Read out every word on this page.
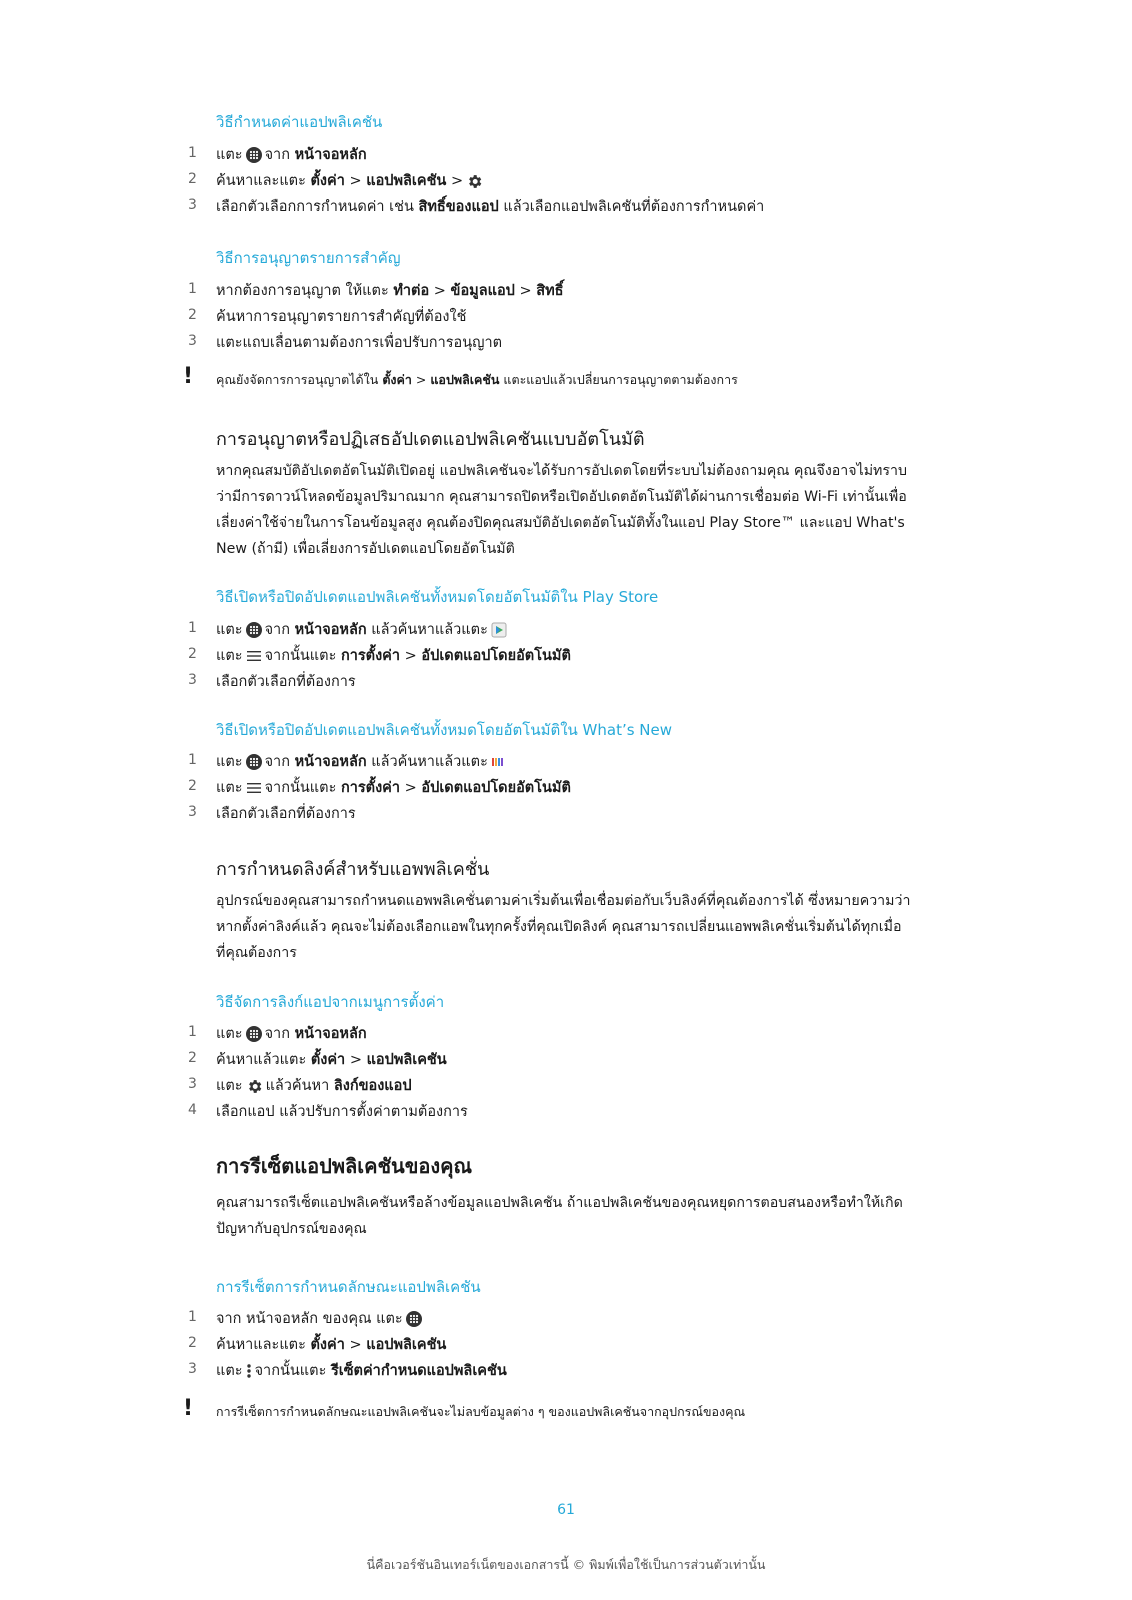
วิธีกำหนดค่าแอปพลิเคชัน
1	แตะ จาก
หน้าจอหลัก
2	ค้นหาและแตะ
ตั้งค่า
>
แอปพลิเคชัน
>
3	เลือกตัวเลือกการกำหนดค่า เช่น
สิทธิ์ของแอป
แล้วเลือกแอปพลิเคชันที่ต้องการกำหนดค่า
วิธีการอนุญาตรายการสำคัญ
1	หากต้องการอนุญาต ให้แตะ
ทำต่อ
>
ข้อมูลแอป
>
สิทธิ์
2	ค้นหาการอนุญาตรายการสำคัญที่ต้องใช้
3	แตะแถบเลื่อนตามต้องการเพื่อปรับการอนุญาต
! คุณยังจัดการการอนุญาตได้ใน ตั้งค่า > แอปพลิเคชัน แตะแอปแล้วเปลี่ยนการอนุญาตตามต้องการ
การอนุญาตหรือปฏิเสธอัปเดตแอปพลิเคชันแบบอัตโนมัติ
หากคุณสมบัติอัปเดตอัตโนมัติเปิดอยู่ แอปพลิเคชันจะได้รับการอัปเดตโดยที่ระบบไม่ต้องถามคุณ คุณจึงอาจไม่ทราบ
ว่ามีการดาวน์โหลดข้อมูลปริมาณมาก คุณสามารถปิดหรือเปิดอัปเดตอัตโนมัติได้ผ่านการเชื่อมต่อ Wi-Fi เท่านั้นเพื่อ
เลี่ยงค่าใช้จ่ายในการโอนข้อมูลสูง คุณต้องปิดคุณสมบัติอัปเดตอัตโนมัติทั้งในแอป Play Store™ และแอป What's
New (ถ้ามี) เพื่อเลี่ยงการอัปเดตแอปโดยอัตโนมัติ
วิธีเปิดหรือปิดอัปเดตแอปพลิเคชันทั้งหมดโดยอัตโนมัติใน Play Store
1	แตะ จาก
หน้าจอหลัก
แล้วค้นหาแล้วแตะ
2	แตะ จากนั้นแตะ
การตั้งค่า
>
อัปเดตแอปโดยอัตโนมัติ
3	เลือกตัวเลือกที่ต้องการ
วิธีเปิดหรือปิดอัปเดตแอปพลิเคชันทั้งหมดโดยอัตโนมัติใน What’s New
1	แตะ จาก
หน้าจอหลัก
แล้วค้นหาแล้วแตะ
2	แตะ จากนั้นแตะ
การตั้งค่า
>
อัปเดตแอปโดยอัตโนมัติ
3	เลือกตัวเลือกที่ต้องการ
การกำหนดลิงค์สำหรับแอพพลิเคชั่น
อุปกรณ์ของคุณสามารถกำหนดแอพพลิเคชั่นตามค่าเริ่มต้นเพื่อเชื่อมต่อกับเว็บลิงค์ที่คุณต้องการได้ ซึ่งหมายความว่า
หากตั้งค่าลิงค์แล้ว คุณจะไม่ต้องเลือกแอพในทุกครั้งที่คุณเปิดลิงค์ คุณสามารถเปลี่ยนแอพพลิเคชั่นเริ่มต้นได้ทุกเมื่อ
ที่คุณต้องการ
วิธีจัดการลิงก์แอปจากเมนูการตั้งค่า
1	แตะ จาก
หน้าจอหลัก
2	ค้นหาแล้วแตะ
ตั้งค่า
>
แอปพลิเคชัน
3	แตะ แล้วค้นหา
ลิงก์ของแอป
4	เลือกแอป แล้วปรับการตั้งค่าตามต้องการ
การรีเซ็ตแอปพลิเคชันของคุณ
คุณสามารถรีเซ็ตแอปพลิเคชันหรือล้างข้อมูลแอปพลิเคชัน ถ้าแอปพลิเคชันของคุณหยุดการตอบสนองหรือทำให้เกิด
ปัญหากับอุปกรณ์ของคุณ
การรีเซ็ตการกำหนดลักษณะแอปพลิเคชัน
1	จาก หน้าจอหลัก ของคุณ แตะ
2	ค้นหาและแตะ
ตั้งค่า
>
แอปพลิเคชัน
3	แตะ จากนั้นแตะ
รีเซ็ตค่ากำหนดแอปพลิเคชัน
! การรีเซ็ตการกำหนดลักษณะแอปพลิเคชันจะไม่ลบข้อมูลต่าง ๆ ของแอปพลิเคชันจากอุปกรณ์ของคุณ
61
นี่คือเวอร์ชันอินเทอร์เน็ตของเอกสารนี้ © พิมพ์เพื่อใช้เป็นการส่วนตัวเท่านั้น
